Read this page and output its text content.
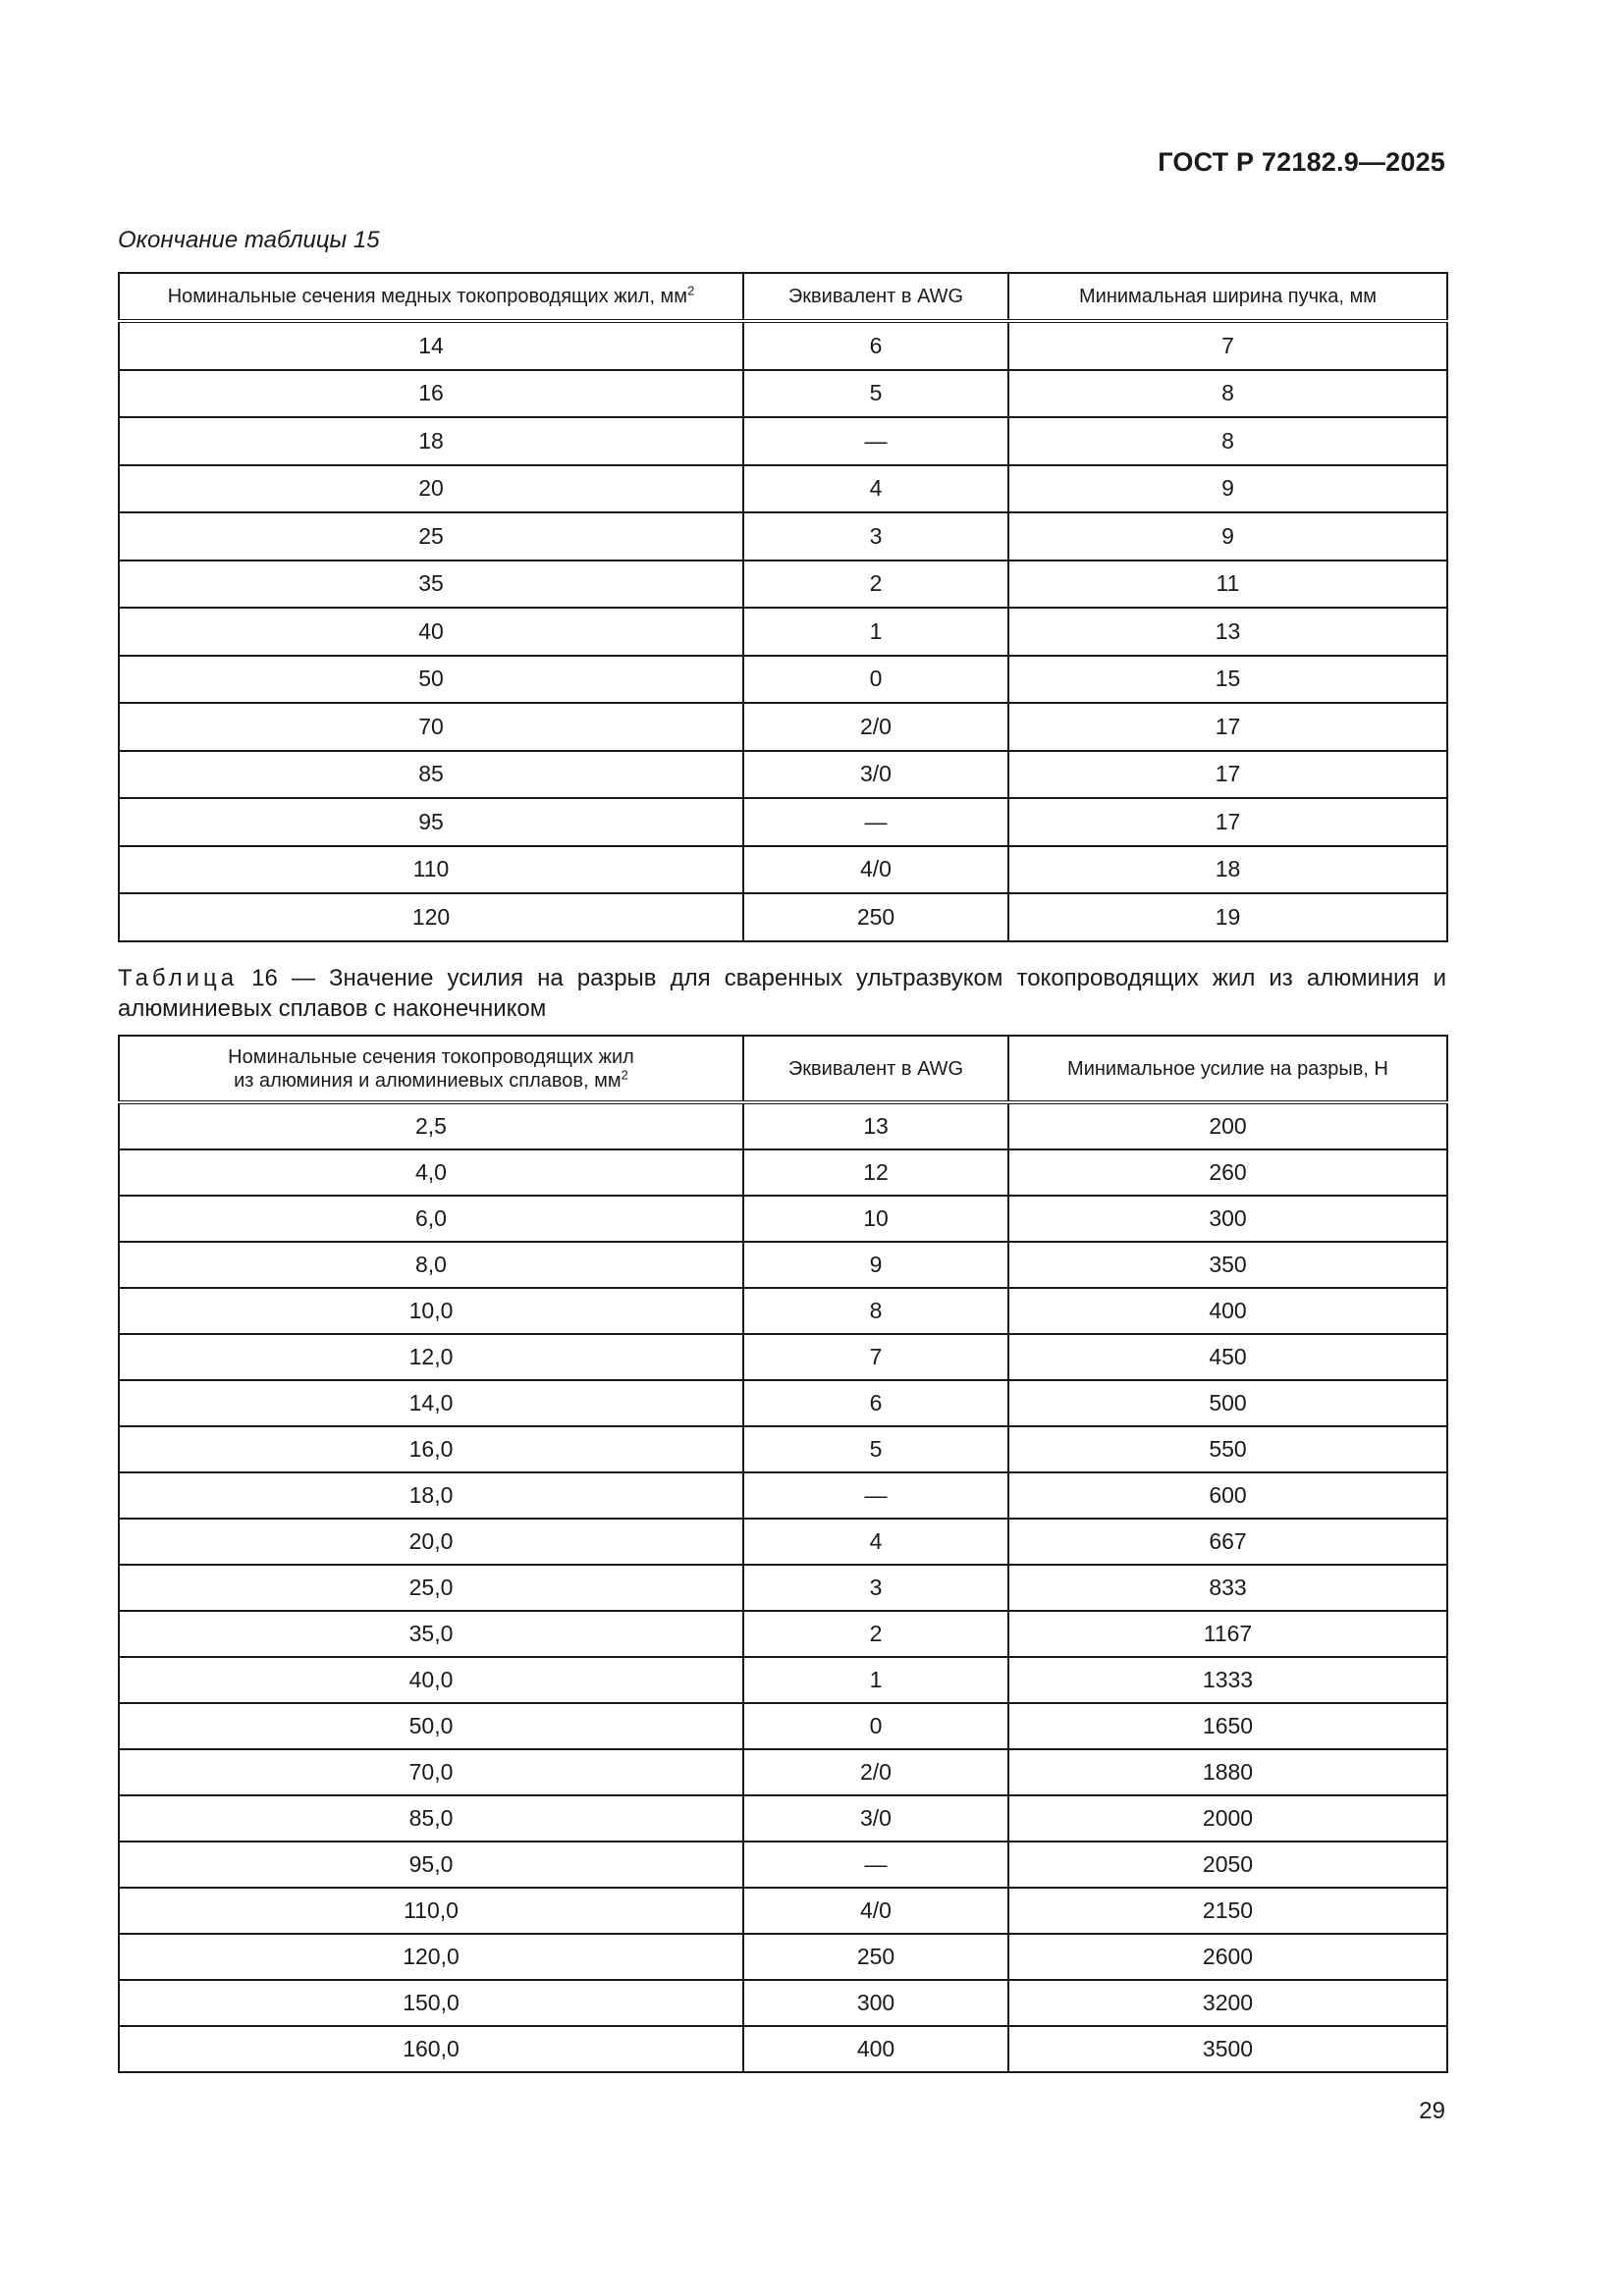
ГОСТ Р 72182.9—2025
Окончание таблицы 15
Номинальные сечения медных токопроводящих жил, $мм^2$	Эквивалент в AWG	Минимальная ширина пучка, мм
14	6	7
16	5	8
18	—	8
20	4	9
25	3	9
35	2	11
40	1	13
50	0	15
70	2/0	17
85	3/0	17
95	—	17
110	4/0	18
120	250	19
Таблица 16 — Значение усилия на разрыв для сваренных ультразвуком токопроводящих жил из алюминия и алюминиевых сплавов с наконечником
Номинальные сечения токопроводящих жил
из алюминия и алюминиевых сплавов, $мм^2$	Эквивалент в AWG	Минимальное усилие на разрыв, Н
2,5	13	200
4,0	12	260
6,0	10	300
8,0	9	350
10,0	8	400
12,0	7	450
14,0	6	500
16,0	5	550
18,0	—	600
20,0	4	667
25,0	3	833
35,0	2	1167
40,0	1	1333
50,0	0	1650
70,0	2/0	1880
85,0	3/0	2000
95,0	—	2050
110,0	4/0	2150
120,0	250	2600
150,0	300	3200
160,0	400	3500
29
